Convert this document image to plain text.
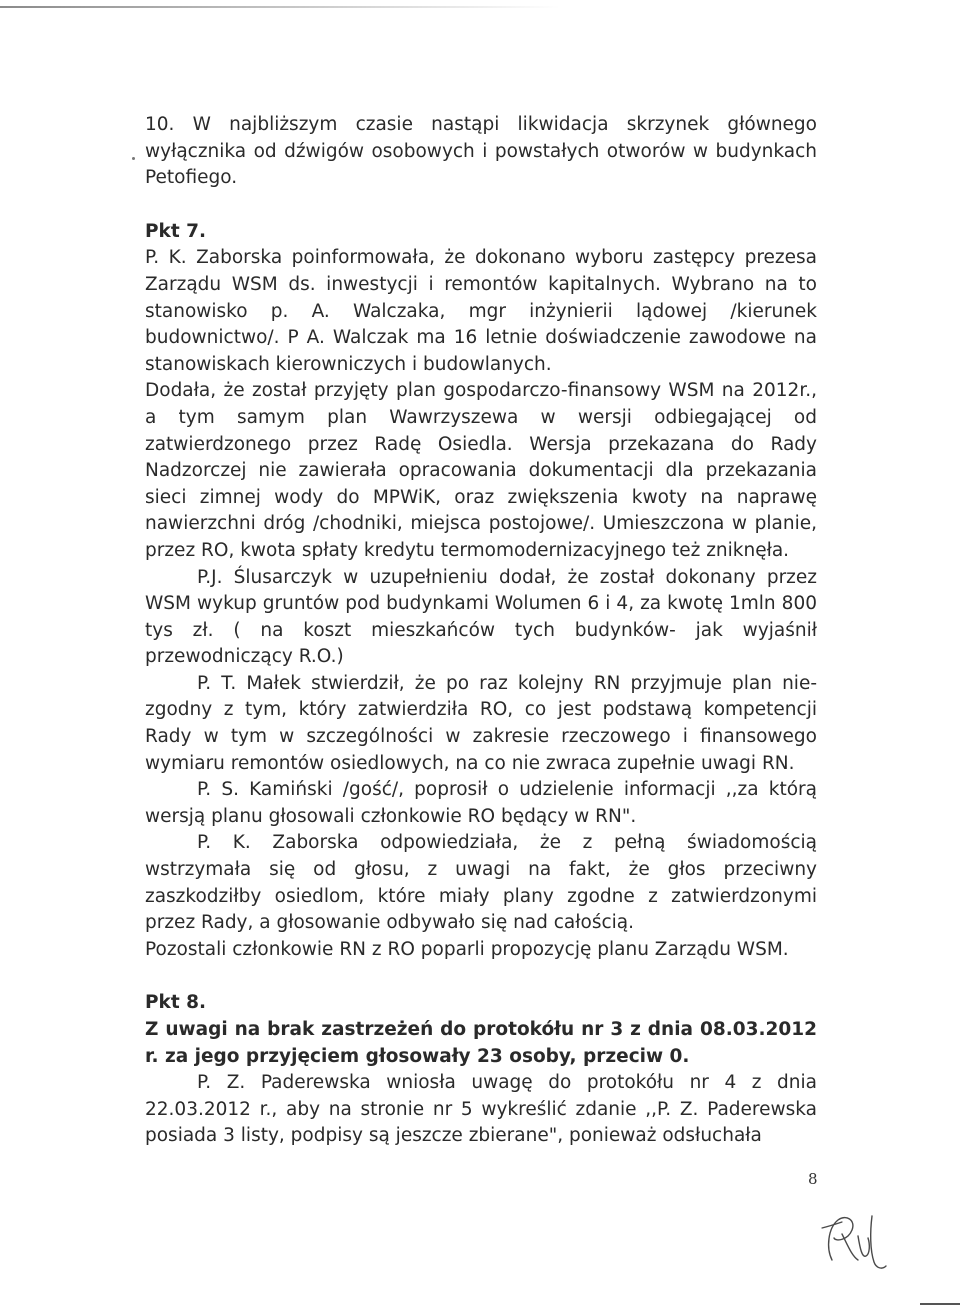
10. W najbliższym czasie nastąpi likwidacja skrzynek głównego wyłącznika od dźwigów osobowych i powstałych otworów w budynkach Petofiego.

Pkt 7.

P. K. Zaborska poinformowała, że dokonano wyboru zastępcy prezesa Zarządu WSM ds. inwestycji i remontów kapitalnych. Wybrano na to stanowisko p. A. Walczaka, mgr inżynierii lądowej /kierunek budownictwo/. P A. Walczak ma 16 letnie doświadczenie zawodowe na stanowiskach kierowniczych i budowlanych.

Dodała, że został przyjęty plan gospodarczo-finansowy WSM na 2012r., a tym samym plan Wawrzyszewa w wersji odbiegającej od zatwierdzonego przez Radę Osiedla. Wersja przekazana do Rady Nadzorczej nie zawierała opracowania dokumentacji dla przekazania sieci zimnej wody do MPWiK, oraz zwiększenia kwoty na naprawę nawierzchni dróg /chodniki, miejsca postojowe/. Umieszczona w planie, przez RO, kwota spłaty kredytu termomodernizacyjnego też zniknęła.

P.J. Ślusarczyk w uzupełnieniu dodał, że został dokonany przez WSM wykup gruntów pod budynkami Wolumen 6 i 4, za kwotę 1mln 800 tys zł. ( na koszt mieszkańców tych budynków- jak wyjaśnił przewodniczący R.O.)

P. T. Małek stwierdził, że po raz kolejny RN przyjmuje plan nie- zgodny z tym, który zatwierdziła RO, co jest podstawą kompetencji Rady w tym w szczególności w zakresie rzeczowego i finansowego wymiaru remontów osiedlowych, na co nie zwraca zupełnie uwagi RN.

P. S. Kamiński /gość/, poprosił o udzielenie informacji ,,za którą wersją planu głosowali członkowie RO będący w RN".

P. K. Zaborska odpowiedziała, że z pełną świadomością wstrzymała się od głosu, z uwagi na fakt, że głos przeciwny zaszkodziłby osiedlom, które miały plany zgodne z zatwierdzonymi przez Rady, a głosowanie odbywało się nad całością.

Pozostali członkowie RN z RO poparli propozycję planu Zarządu WSM.

Pkt 8.

Z uwagi na brak zastrzeżeń do protokółu nr 3 z dnia 08.03.2012 r. za jego przyjęciem głosowały 23 osoby, przeciw 0.

P. Z. Paderewska wniosła uwagę do protokółu nr 4 z dnia 22.03.2012 r., aby na stronie nr 5 wykreślić zdanie ,,P. Z. Paderewska posiada 3 listy, podpisy są jeszcze zbierane", ponieważ odsłuchała

8
